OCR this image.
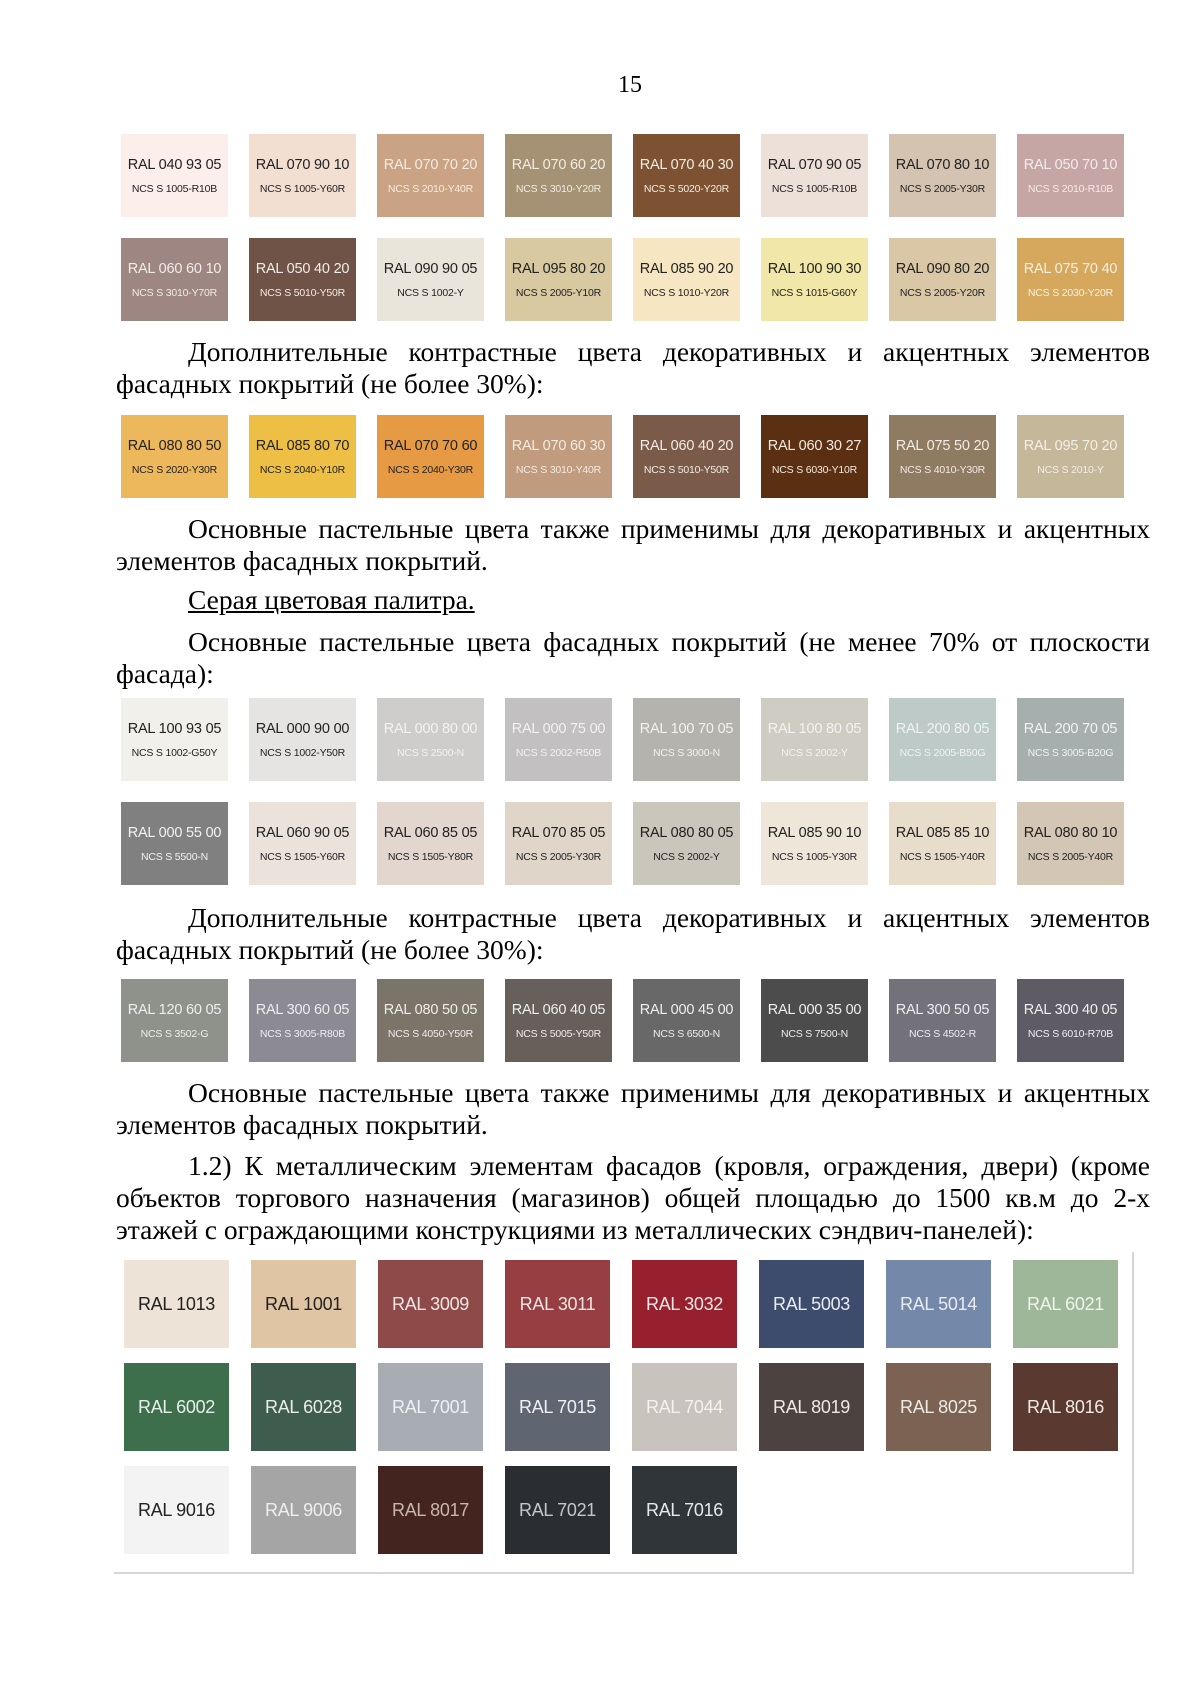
15
RAL 040 93 05
NCS S 1005-R10B
RAL 070 90 10
NCS S 1005-Y60R
RAL 070 70 20
NCS S 2010-Y40R
RAL 070 60 20
NCS S 3010-Y20R
RAL 070 40 30
NCS S 5020-Y20R
RAL 070 90 05
NCS S 1005-R10B
RAL 070 80 10
NCS S 2005-Y30R
RAL 050 70 10
NCS S 2010-R10B
RAL 060 60 10
NCS S 3010-Y70R
RAL 050 40 20
NCS S 5010-Y50R
RAL 090 90 05
NCS S 1002-Y
RAL 095 80 20
NCS S 2005-Y10R
RAL 085 90 20
NCS S 1010-Y20R
RAL 100 90 30
NCS S 1015-G60Y
RAL 090 80 20
NCS S 2005-Y20R
RAL 075 70 40
NCS S 2030-Y20R

Дополнительные контрастные цвета декоративных и акцентных элементов фасадных покрытий (не более 30%):

RAL 080 80 50
NCS S 2020-Y30R
RAL 085 80 70
NCS S 2040-Y10R
RAL 070 70 60
NCS S 2040-Y30R
RAL 070 60 30
NCS S 3010-Y40R
RAL 060 40 20
NCS S 5010-Y50R
RAL 060 30 27
NCS S 6030-Y10R
RAL 075 50 20
NCS S 4010-Y30R
RAL 095 70 20
NCS S 2010-Y

Основные пастельные цвета также применимы для декоративных и акцентных

элементов фасадных покрытий.

Серая цветовая палитра.

Основные пастельные цвета фасадных покрытий (не менее 70% от плоскости фасада):

RAL 100 93 05
NCS S 1002-G50Y
RAL 000 90 00
NCS S 1002-Y50R
RAL 000 80 00
NCS S 2500-N
RAL 000 75 00
NCS S 2002-R50B
RAL 100 70 05
NCS S 3000-N
RAL 100 80 05
NCS S 2002-Y
RAL 200 80 05
NCS S 2005-B50G
RAL 200 70 05
NCS S 3005-B20G
RAL 000 55 00
NCS S 5500-N
RAL 060 90 05
NCS S 1505-Y60R
RAL 060 85 05
NCS S 1505-Y80R
RAL 070 85 05
NCS S 2005-Y30R
RAL 080 80 05
NCS S 2002-Y
RAL 085 90 10
NCS S 1005-Y30R
RAL 085 85 10
NCS S 1505-Y40R
RAL 080 80 10
NCS S 2005-Y40R

Дополнительные контрастные цвета декоративных и акцентных элементов фасадных покрытий (не более 30%):

RAL 120 60 05
NCS S 3502-G
RAL 300 60 05
NCS S 3005-R80B
RAL 080 50 05
NCS S 4050-Y50R
RAL 060 40 05
NCS S 5005-Y50R
RAL 000 45 00
NCS S 6500-N
RAL 000 35 00
NCS S 7500-N
RAL 300 50 05
NCS S 4502-R
RAL 300 40 05
NCS S 6010-R70B

Основные пастельные цвета также применимы для декоративных и акцентных

элементов фасадных покрытий.

1.2) К металлическим элементам фасадов (кровля, ограждения, двери) (кроме объектов торгового назначения (магазинов) общей площадью до 1500 кв.м до 2-х этажей с ограждающими конструкциями из металлических сэндвич-панелей):

RAL 1013	RAL 1001	RAL 3009	RAL 3011	RAL 3032	RAL 5003	RAL 5014	RAL 6021
RAL 6002	RAL 6028	RAL 7001	RAL 7015	RAL 7044	RAL 8019	RAL 8025	RAL 8016
RAL 9016	RAL 9006	RAL 8017	RAL 7021	RAL 7016
